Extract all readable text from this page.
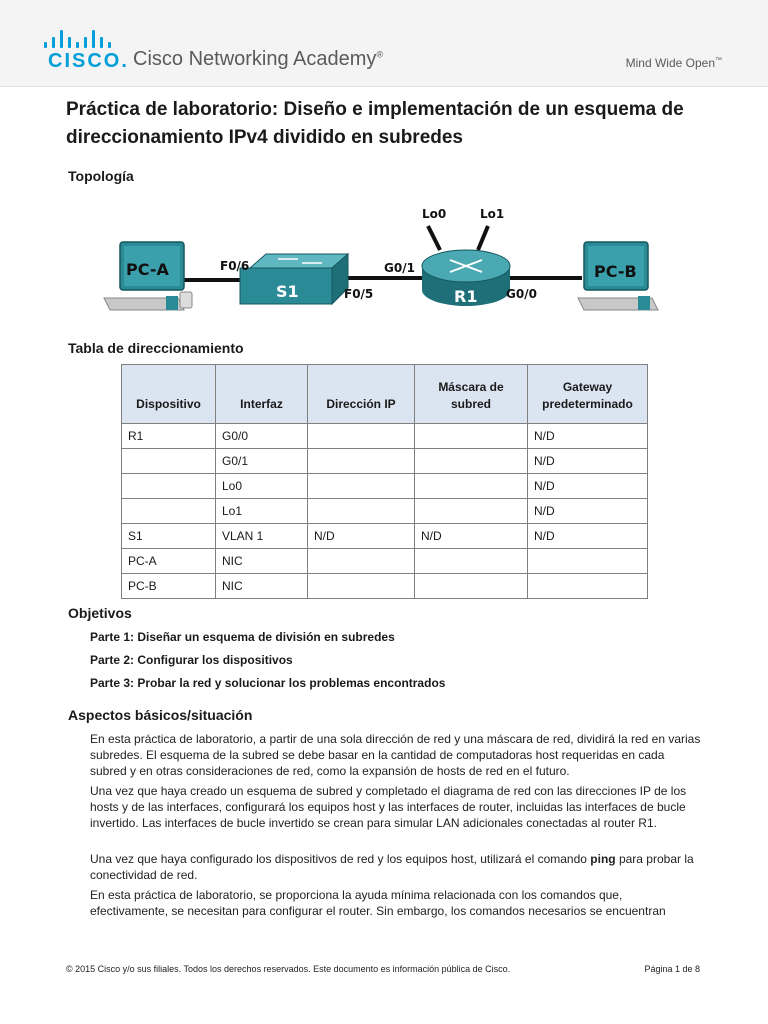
CISCO. Cisco Networking Academy®
Mind Wide Open™
Práctica de laboratorio: Diseño e implementación de un esquema de direccionamiento IPv4 dividido en subredes
Topología
PC-A
S1	R1
PC-B
F0/6
F0/5
G0/1
G0/0
Lo0	Lo1
Tabla de direccionamiento
Dispositivo	Interfaz	Dirección IP	Máscara de subred	Gateway predeterminado
R1	G0/0			N/D
	G0/1			N/D
	Lo0			N/D
	Lo1			N/D
S1	VLAN 1	N/D	N/D	N/D
PC-A	NIC			
PC-B	NIC			
Objetivos
Parte 1: Diseñar un esquema de división en subredes
Parte 2: Configurar los dispositivos
Parte 3: Probar la red y solucionar los problemas encontrados
Aspectos básicos/situación
En esta práctica de laboratorio, a partir de una sola dirección de red y una máscara de red, dividirá la red en varias subredes. El esquema de la subred se debe basar en la cantidad de computadoras host requeridas en cada subred y en otras consideraciones de red, como la expansión de hosts de red en el futuro.
Una vez que haya creado un esquema de subred y completado el diagrama de red con las direcciones IP de los hosts y de las interfaces, configurará los equipos host y las interfaces de router, incluidas las interfaces de bucle invertido. Las interfaces de bucle invertido se crean para simular LAN adicionales conectadas al router R1.
Una vez que haya configurado los dispositivos de red y los equipos host, utilizará el comando ping para probar la conectividad de red.
En esta práctica de laboratorio, se proporciona la ayuda mínima relacionada con los comandos que, efectivamente, se necesitan para configurar el router. Sin embargo, los comandos necesarios se encuentran
© 2015 Cisco y/o sus filiales. Todos los derechos reservados. Este documento es información pública de Cisco.	Página 1 de 8
